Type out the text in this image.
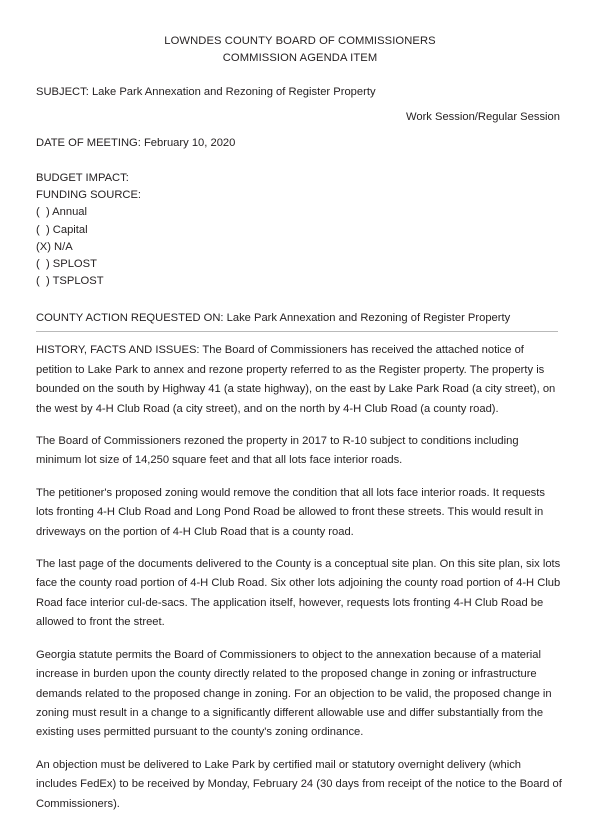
LOWNDES COUNTY BOARD OF COMMISSIONERS
COMMISSION AGENDA ITEM
SUBJECT: Lake Park Annexation and Rezoning of Register Property
Work Session/Regular Session
DATE OF MEETING: February 10, 2020
BUDGET IMPACT:
FUNDING SOURCE:
(  ) Annual
(  ) Capital
(X) N/A
(  ) SPLOST
(  ) TSPLOST
COUNTY ACTION REQUESTED ON: Lake Park Annexation and Rezoning of Register Property

HISTORY, FACTS AND ISSUES: The Board of Commissioners has received the attached notice of petition to Lake Park to annex and rezone property referred to as the Register property. The property is bounded on the south by Highway 41 (a state highway), on the east by Lake Park Road (a city street), on the west by 4-H Club Road (a city street), and on the north by 4-H Club Road (a county road).

The Board of Commissioners rezoned the property in 2017 to R-10 subject to conditions including minimum lot size of 14,250 square feet and that all lots face interior roads.

The petitioner's proposed zoning would remove the condition that all lots face interior roads. It requests lots fronting 4-H Club Road and Long Pond Road be allowed to front these streets. This would result in driveways on the portion of 4-H Club Road that is a county road.

The last page of the documents delivered to the County is a conceptual site plan. On this site plan, six lots face the county road portion of 4-H Club Road. Six other lots adjoining the county road portion of 4-H Club Road face interior cul-de-sacs. The application itself, however, requests lots fronting 4-H Club Road be allowed to front the street.

Georgia statute permits the Board of Commissioners to object to the annexation because of a material increase in burden upon the county directly related to the proposed change in zoning or infrastructure demands related to the proposed change in zoning. For an objection to be valid, the proposed change in zoning must result in a change to a significantly different allowable use and differ substantially from the existing uses permitted pursuant to the county's zoning ordinance.

An objection must be delivered to Lake Park by certified mail or statutory overnight delivery (which includes FedEx) to be received by Monday, February 24 (30 days from receipt of the notice to the Board of Commissioners).
